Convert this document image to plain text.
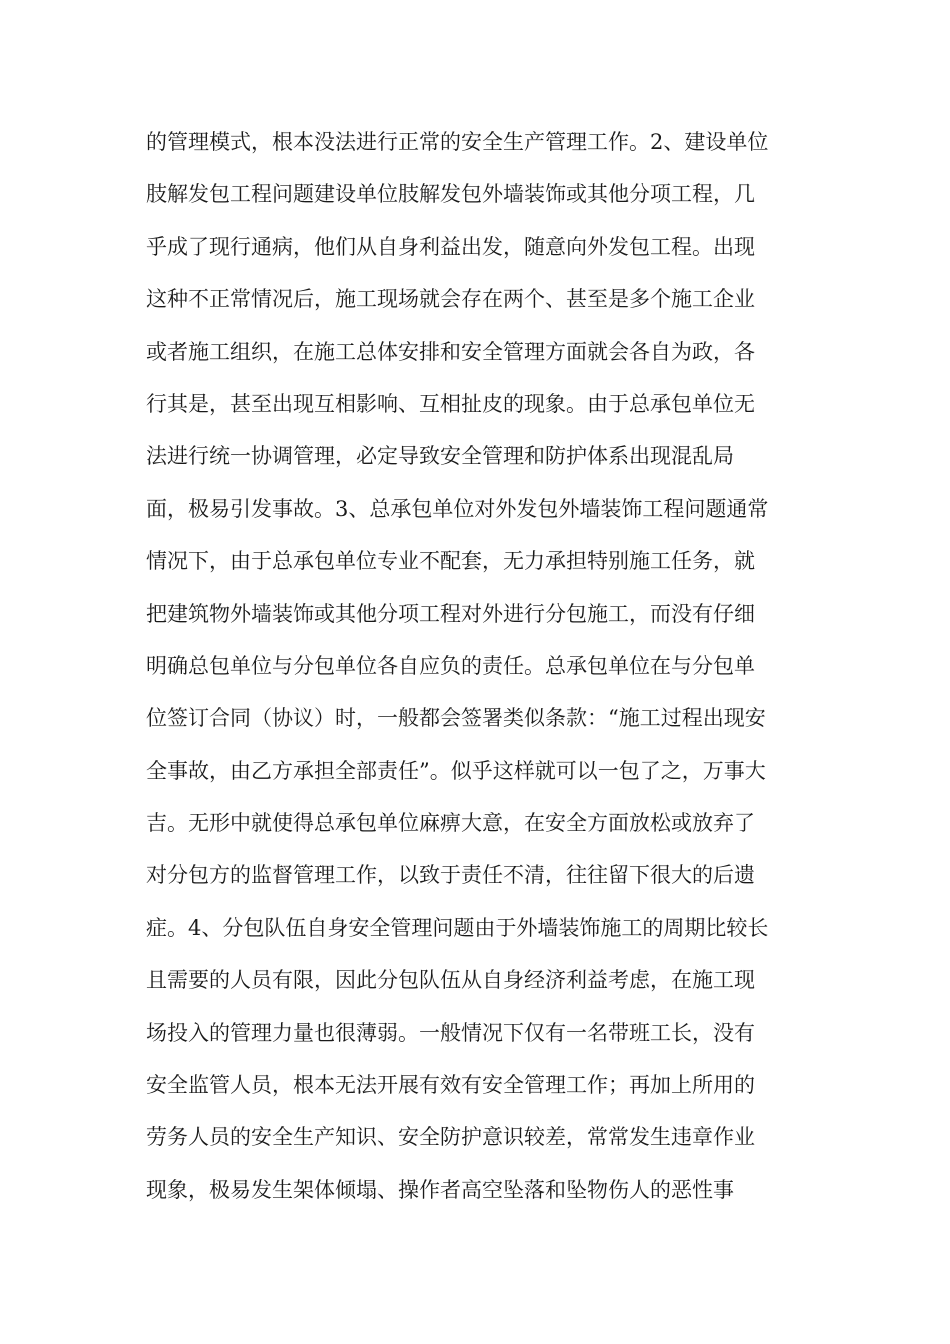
的管理模式，根本没法进行正常的安全生产管理工作。2、建设单位
肢解发包工程问题建设单位肢解发包外墙装饰或其他分项工程，几
乎成了现行通病，他们从自身利益出发，随意向外发包工程。出现
这种不正常情况后，施工现场就会存在两个、甚至是多个施工企业
或者施工组织，在施工总体安排和安全管理方面就会各自为政，各
行其是，甚至出现互相影响、互相扯皮的现象。由于总承包单位无
法进行统一协调管理，必定导致安全管理和防护体系出现混乱局
面，极易引发事故。3、总承包单位对外发包外墙装饰工程问题通常
情况下，由于总承包单位专业不配套，无力承担特别施工任务，就
把建筑物外墙装饰或其他分项工程对外进行分包施工，而没有仔细
明确总包单位与分包单位各自应负的责任。总承包单位在与分包单
位签订合同（协议）时，一般都会签署类似条款：“施工过程出现安
全事故，由乙方承担全部责任”。似乎这样就可以一包了之，万事大
吉。无形中就使得总承包单位麻痹大意，在安全方面放松或放弃了
对分包方的监督管理工作，以致于责任不清，往往留下很大的后遗
症。4、分包队伍自身安全管理问题由于外墙装饰施工的周期比较长
且需要的人员有限，因此分包队伍从自身经济利益考虑，在施工现
场投入的管理力量也很薄弱。一般情况下仅有一名带班工长，没有
安全监管人员，根本无法开展有效有安全管理工作；再加上所用的
劳务人员的安全生产知识、安全防护意识较差，常常发生违章作业
现象，极易发生架体倾塌、操作者高空坠落和坠物伤人的恶性事
